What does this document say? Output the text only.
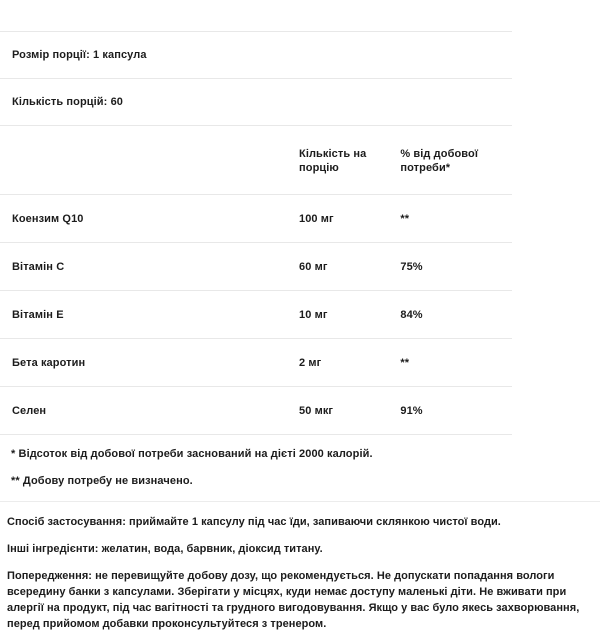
Розмір порції: 1 капсула
Кількість порцій: 60

	Кількість на
порцію	% від добової
потреби*

Коензим Q10	100 мг	**
Вітамін C	60 мг	75%
Вітамін E	10 мг	84%
Бета каротин	2 мг	**
Селен	50 мкг	91%

* Відсоток від добової потреби заснований на дієті 2000 калорій.

** Добову потребу не визначено.

Спосіб застосування: приймайте 1 капсулу під час їди, запиваючи склянкою чистої води.

Інші інгредієнти: желатин, вода, барвник, діоксид титану.

Попередження: не перевищуйте добову дозу, що рекомендується. Не допускати попадання вологи всередину банки з капсулами. Зберігати у місцях, куди немає доступу маленькі діти. Не вживати при алергії на продукт, під час вагітності та грудного вигодовування. Якщо у вас було якесь захворювання, перед прийомом добавки проконсультуйтеся з тренером.
